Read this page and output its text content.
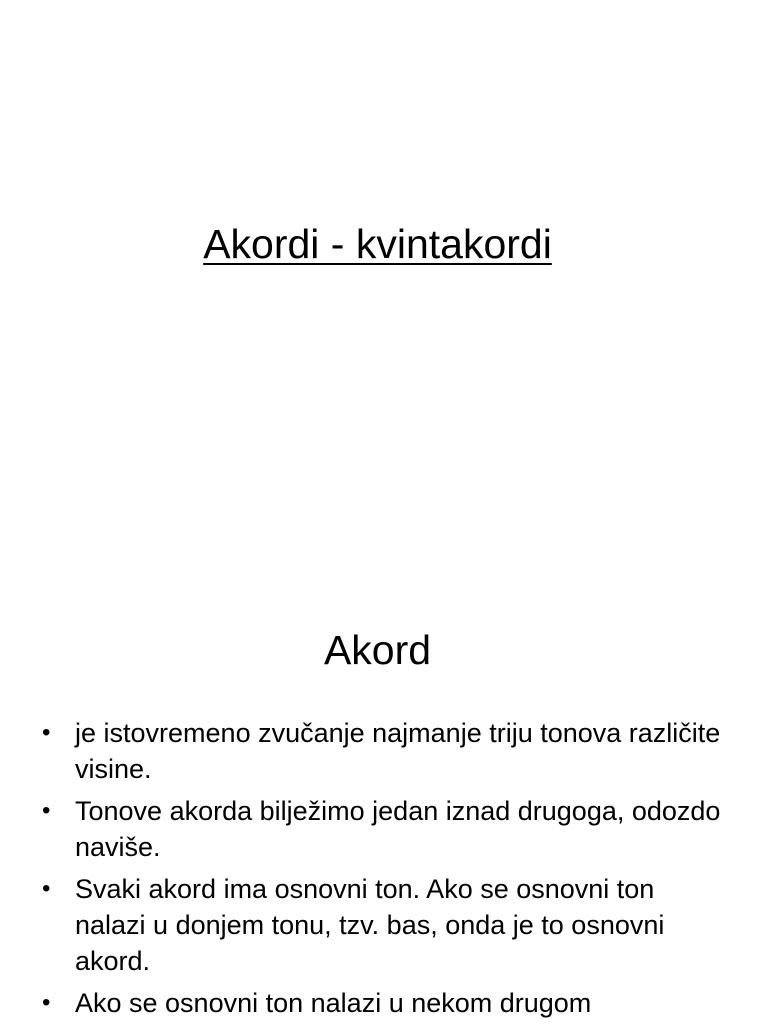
Akordi - kvintakordi
Akord
• je istovremeno zvučanje najmanje triju tonova različite visine.
• Tonove akorda bilježimo jedan iznad drugoga, odozdo naviše.
• Svaki akord ima osnovni ton. Ako se osnovni ton nalazi u donjem tonu, tzv. bas, onda je to osnovni akord.
• Ako se osnovni ton nalazi u nekom drugom
